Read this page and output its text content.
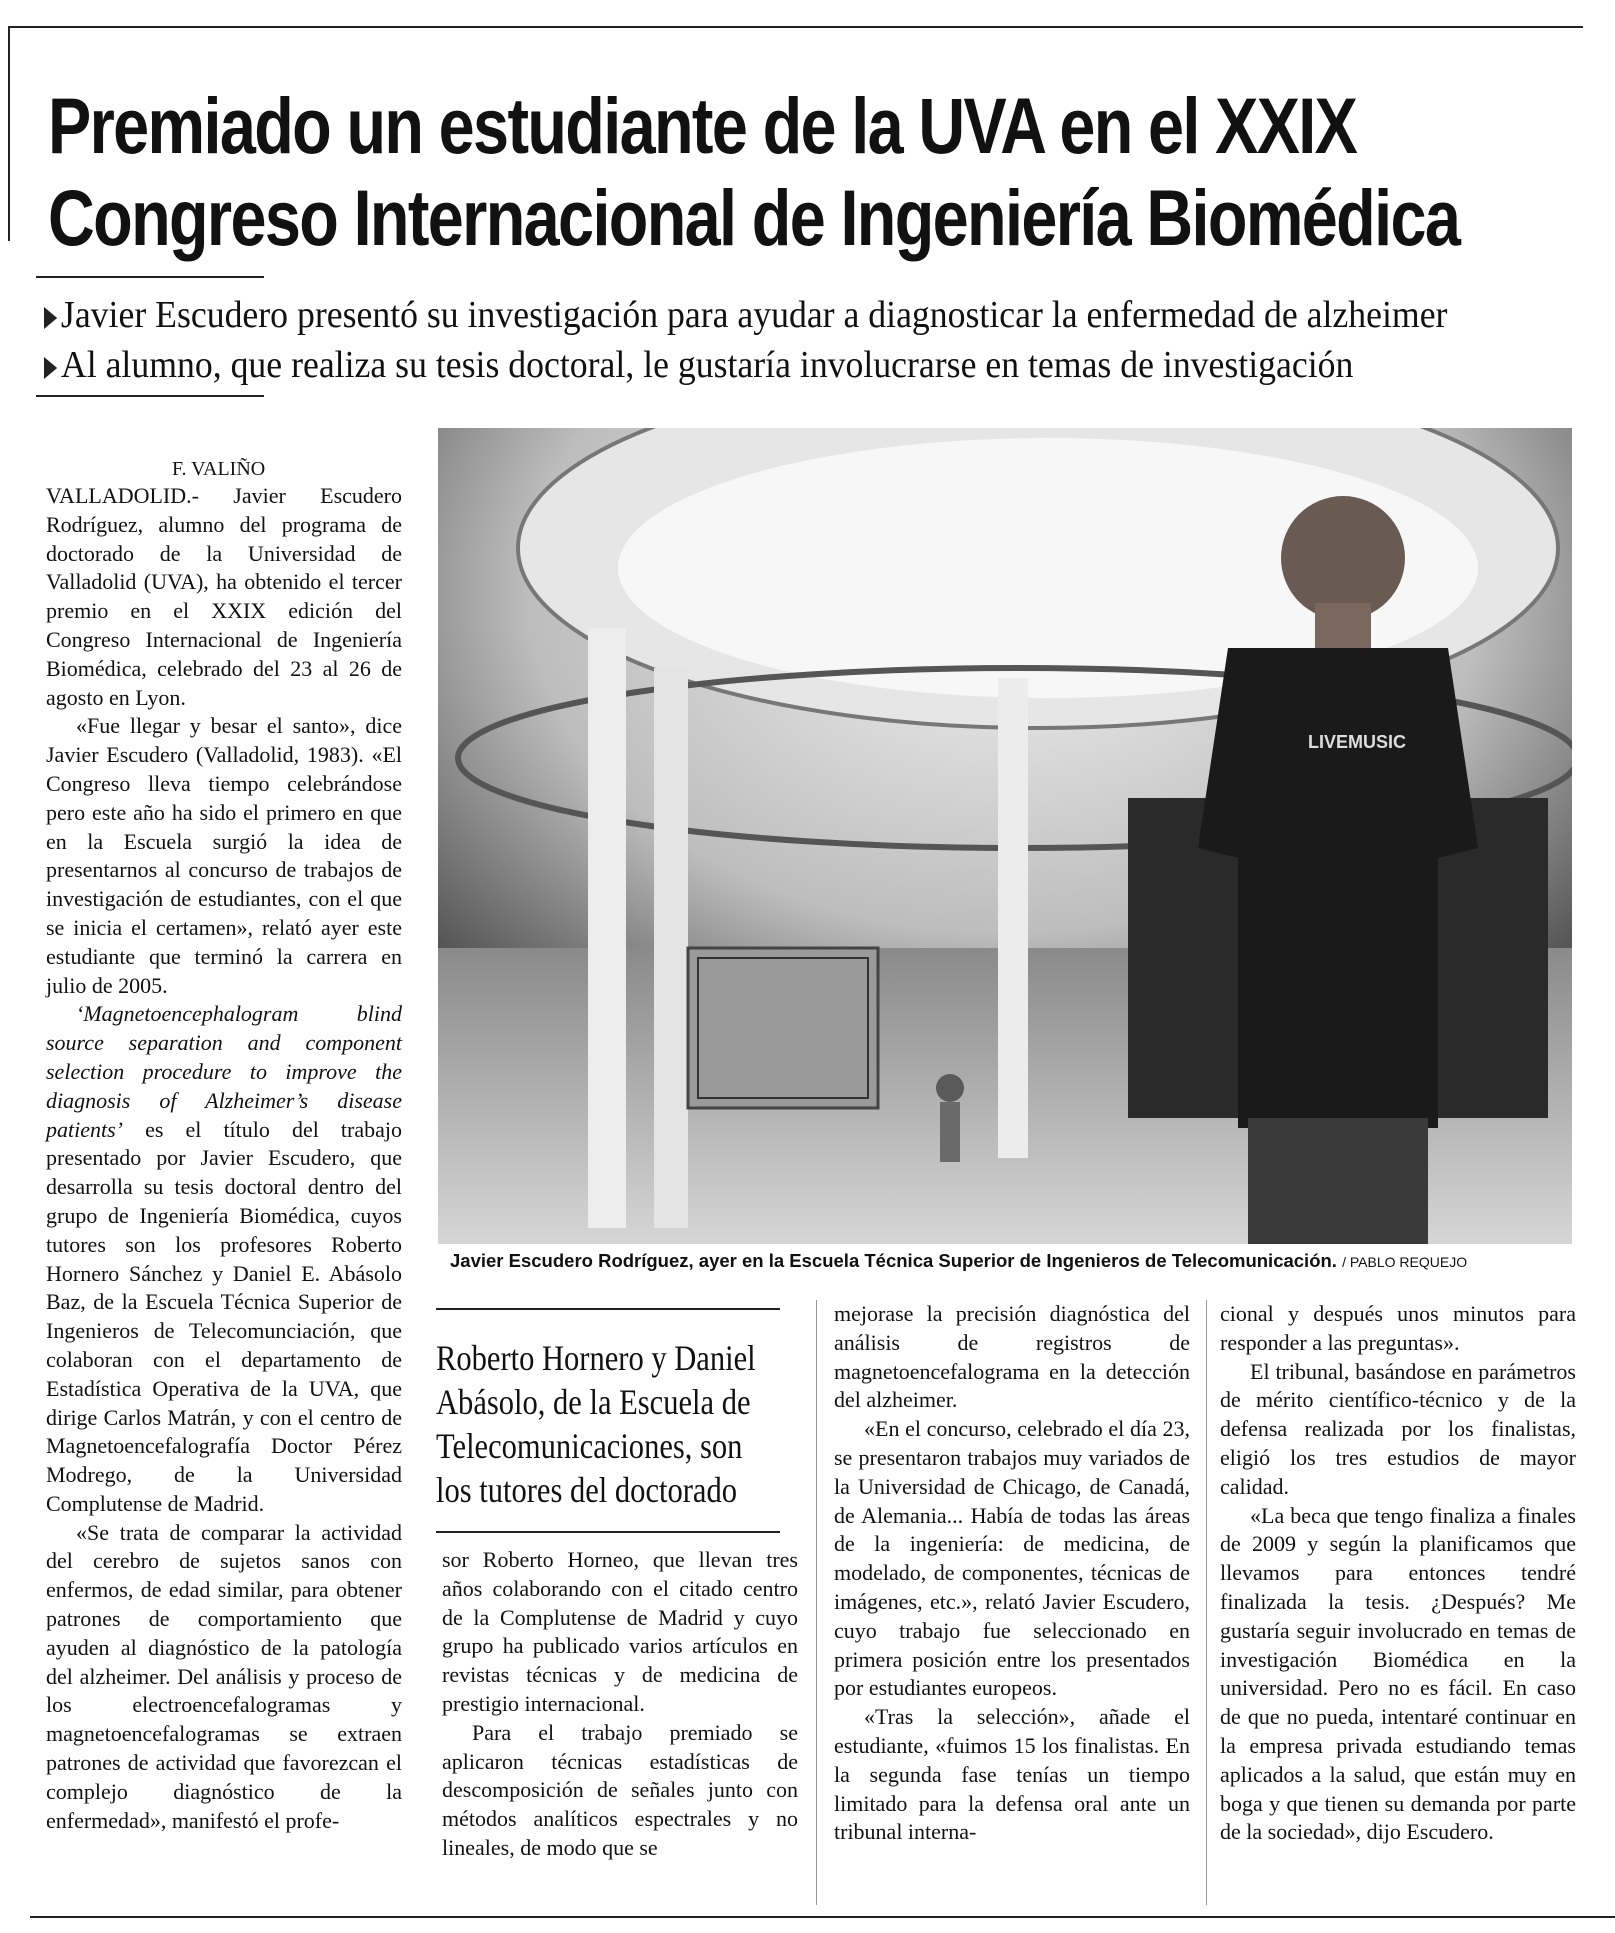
Premiado un estudiante de la UVA en el XXIX
Congreso Internacional de Ingeniería Biomédica
Javier Escudero presentó su investigación para ayudar a diagnosticar la enfermedad de alzheimer
Al alumno, que realiza su tesis doctoral, le gustaría involucrarse en temas de investigación
F. VALIÑO

VALLADOLID.- Javier Escudero Rodríguez, alumno del programa de doctorado de la Universidad de Valladolid (UVA), ha obtenido el tercer premio en el XXIX edición del Congreso Internacional de Ingeniería Biomédica, celebrado del 23 al 26 de agosto en Lyon.

«Fue llegar y besar el santo», dice Javier Escudero (Valladolid, 1983). «El Congreso lleva tiempo celebrándose pero este año ha sido el primero en que en la Escuela surgió la idea de presentarnos al concurso de trabajos de investigación de estudiantes, con el que se inicia el certamen», relató ayer este estudiante que terminó la carrera en julio de 2005.

‘Magnetoencephalogram blind source separation and component selection procedure to improve the diagnosis of Alzheimer’s disease patients’ es el título del trabajo presentado por Javier Escudero, que desarrolla su tesis doctoral dentro del grupo de Ingeniería Biomédica, cuyos tutores son los profesores Roberto Hornero Sánchez y Daniel E. Abásolo Baz, de la Escuela Técnica Superior de Ingenieros de Telecomunciación, que colaboran con el departamento de Estadística Operativa de la UVA, que dirige Carlos Matrán, y con el centro de Magnetoencefalografía Doctor Pérez Modrego, de la Universidad Complutense de Madrid.

«Se trata de comparar la actividad del cerebro de sujetos sanos con enfermos, de edad similar, para obtener patrones de comportamiento que ayuden al diagnóstico de la patología del alzheimer. Del análisis y proceso de los electroencefalogramas y magnetoencefalogramas se extraen patrones de actividad que favorezcan el complejo diagnóstico de la enfermedad», manifestó el profe-

LIVEMUSIC
Javier Escudero Rodríguez, ayer en la Escuela Técnica Superior de Ingenieros de Telecomunicación. / PABLO REQUEJO
Roberto Hornero y Daniel Abásolo, de la Escuela de Telecomunicaciones, son los tutores del doctorado

sor Roberto Horneo, que llevan tres años colaborando con el citado centro de la Complutense de Madrid y cuyo grupo ha publicado varios artículos en revistas técnicas y de medicina de prestigio internacional.

Para el trabajo premiado se aplicaron técnicas estadísticas de descomposición de señales junto con métodos analíticos espectrales y no lineales, de modo que se

mejorase la precisión diagnóstica del análisis de registros de magnetoencefalograma en la detección del alzheimer.

«En el concurso, celebrado el día 23, se presentaron trabajos muy variados de la Universidad de Chicago, de Canadá, de Alemania... Había de todas las áreas de la ingeniería: de medicina, de modelado, de componentes, técnicas de imágenes, etc.», relató Javier Escudero, cuyo trabajo fue seleccionado en primera posición entre los presentados por estudiantes europeos.

«Tras la selección», añade el estudiante, «fuimos 15 los finalistas. En la segunda fase tenías un tiempo limitado para la defensa oral ante un tribunal interna-

cional y después unos minutos para responder a las preguntas».

El tribunal, basándose en parámetros de mérito científico-técnico y de la defensa realizada por los finalistas, eligió los tres estudios de mayor calidad.

«La beca que tengo finaliza a finales de 2009 y según la planificamos que llevamos para entonces tendré finalizada la tesis. ¿Después? Me gustaría seguir involucrado en temas de investigación Biomédica en la universidad. Pero no es fácil. En caso de que no pueda, intentaré continuar en la empresa privada estudiando temas aplicados a la salud, que están muy en boga y que tienen su demanda por parte de la sociedad», dijo Escudero.
